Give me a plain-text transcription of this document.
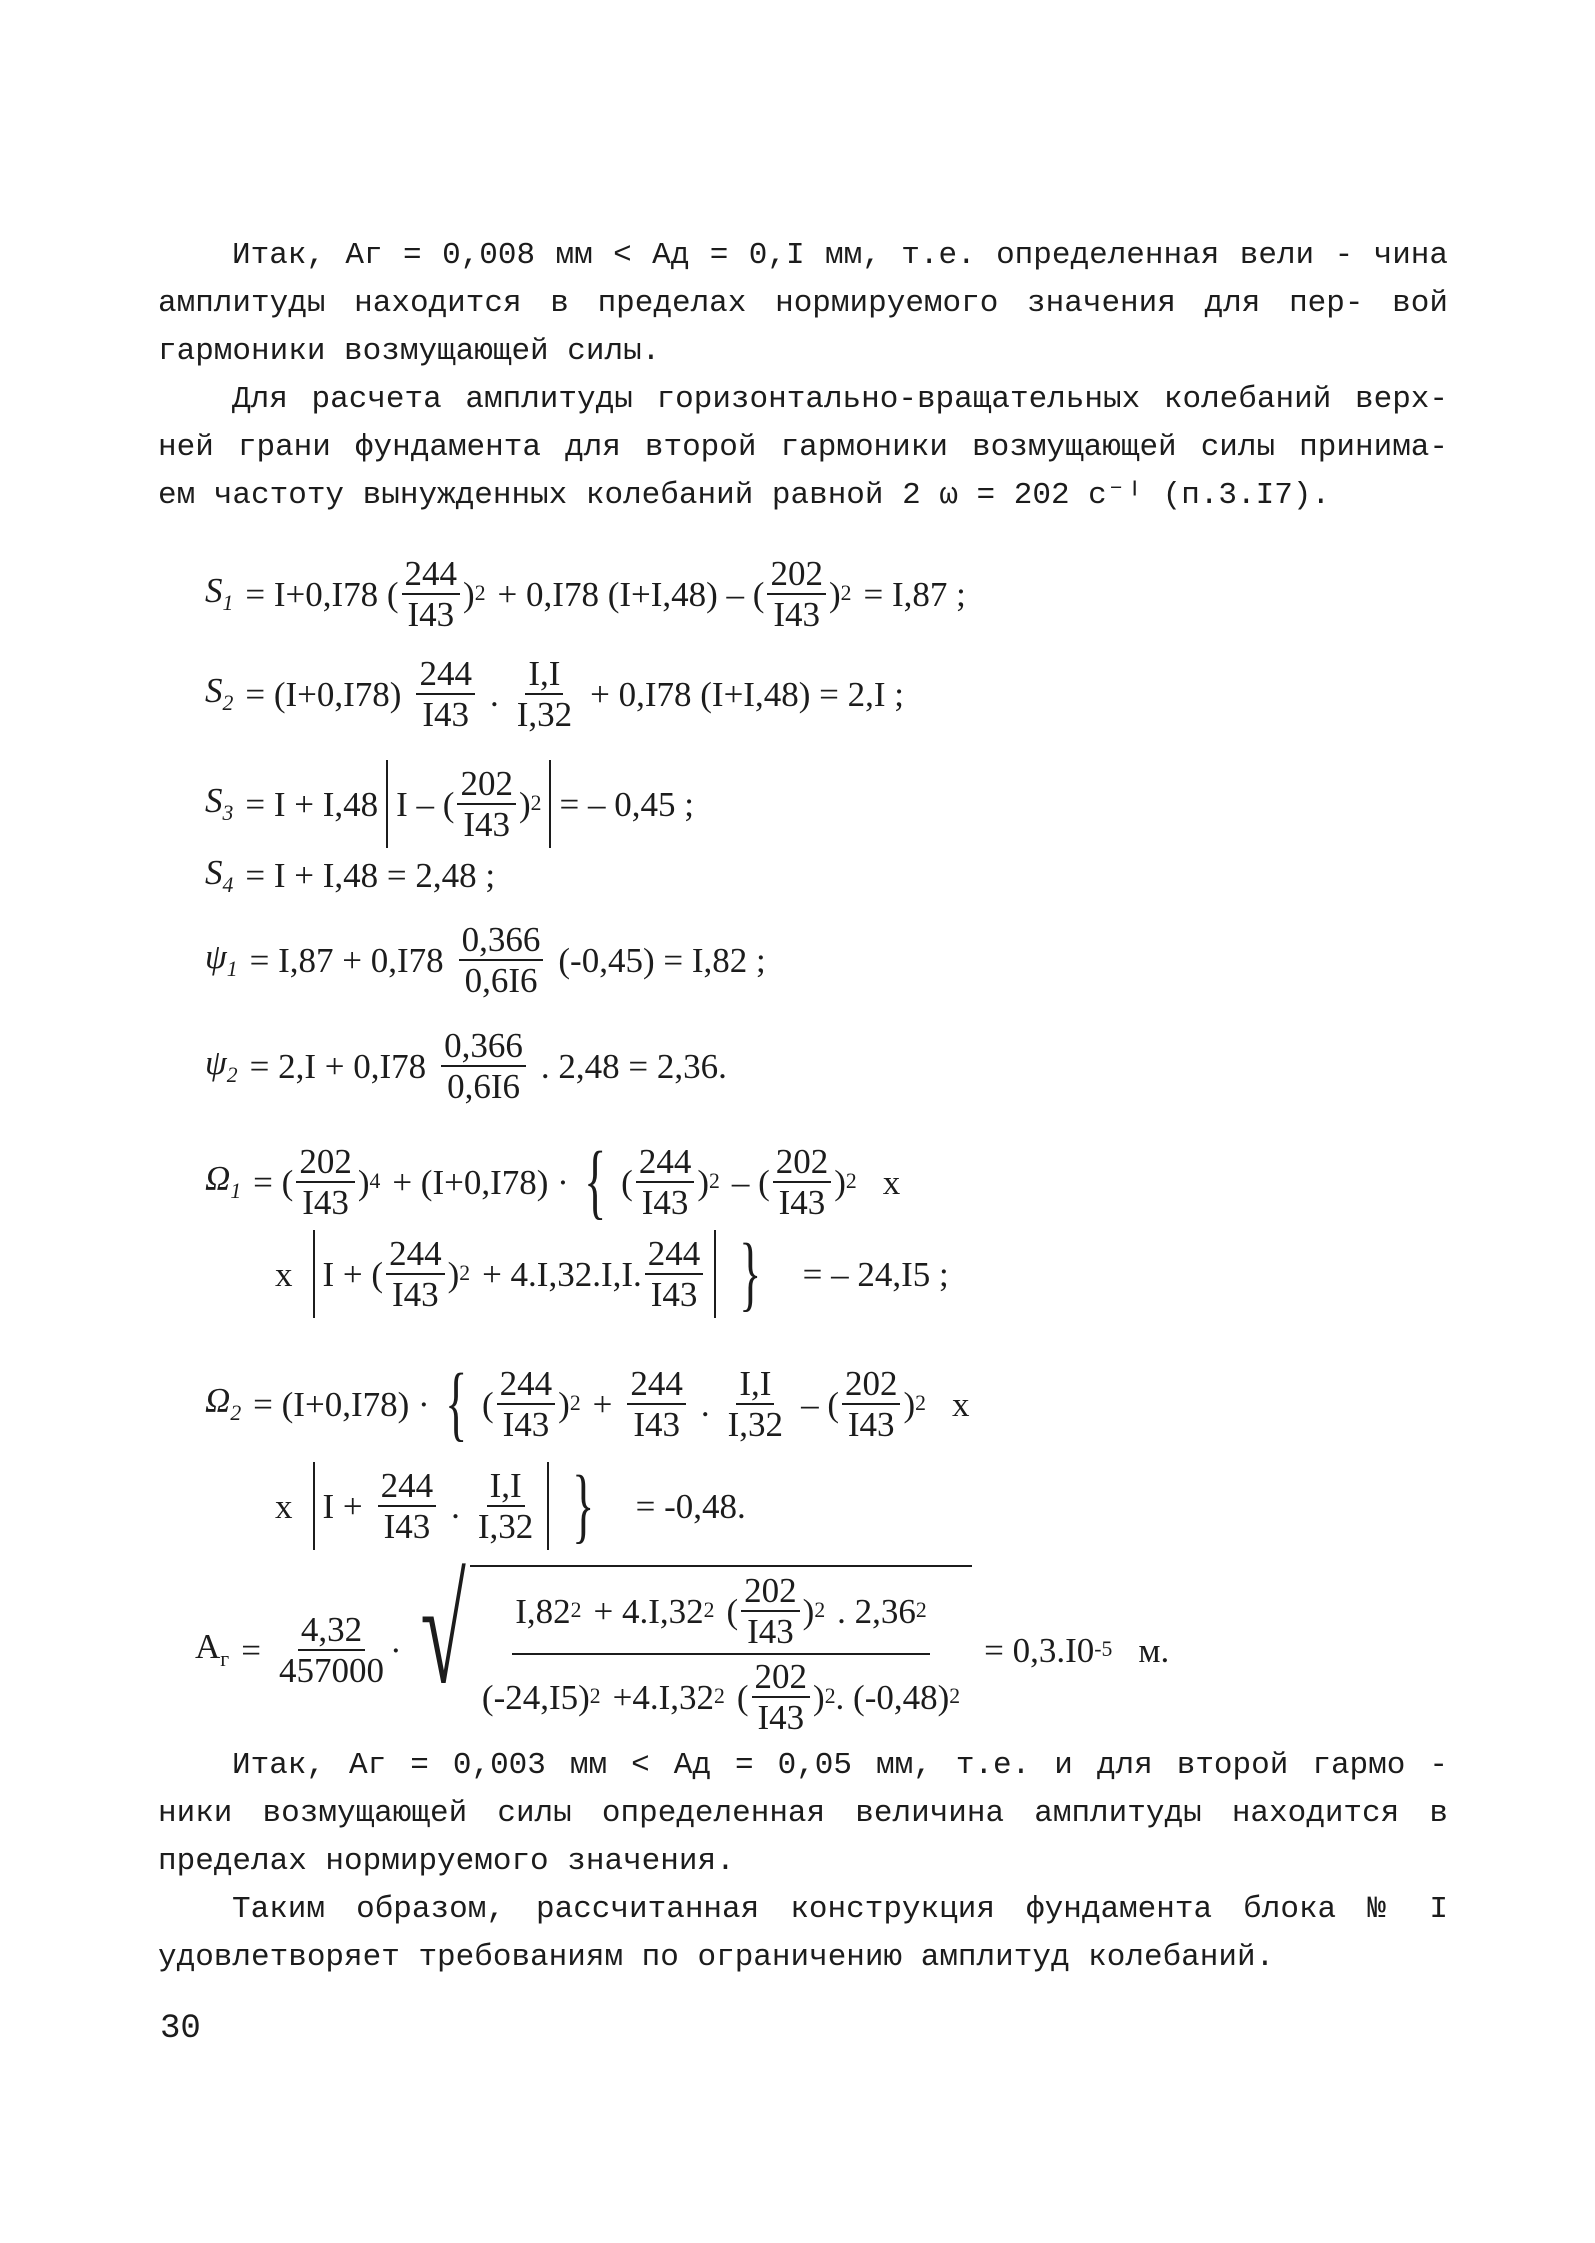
Итак, Аг = 0,008 мм < Ад = 0,I мм, т.е. определенная вели - чина амплитуды находится в пределах нормируемого значения для пер- вой гармоники возмущающей силы.

Для расчета амплитуды горизонтально-вращательных колебаний верх- ней грани фундамента для второй гармоники возмущающей силы принима- ем частоту вынужденных колебаний равной 2 ω = 202 с⁻ᴵ (п.3.I7).

$S_1 = I+0,I78$ ( $\frac{244}{I43}$ ) 2 + 0,I78 (I+I,48) – ( $\frac{202}{I43}$ ) 2 = I,87 ;
$S_2 = (I+0,I78) \frac{244}{I43}$ . $\frac{I,I}{I,32} + 0,I78$ (I+I,48) = 2,I ;
$S_3 = I + I,48$ I – ( $\frac{202}{I43}$ ) 2 = – 0,45 ;
$S_4 = I + I,48 = 2,48$ ;
$\psi_1 = I,87 + 0,I78 \frac{0,366}{0,6I6} (-0,45) = I,82$ ;
$\psi_2 = 2,I + 0,I78 \frac{0,366}{0,6I6}$ . 2,48 = 2,36.
$\Omega_1$ = ( $\frac{202}{I43}$ ) 4 + (I+0,I78) · { ( $\frac{244}{I43}$ ) 2 – ( $\frac{202}{I43}$ ) 2 x
x I + ( $\frac{244}{I43}$ ) 2 + 4.I,32.I,I. $\frac{244}{I43}$ } = – 24,I5 ;
$\Omega_2 = (I+0,I78)$ · { ( $\frac{244}{I43}$ ) $2 + \frac{244}{I43}$ . $\frac{I,I}{I,32}$ – ( $\frac{202}{I43}$ ) 2 x
x $I + \frac{244}{I43}$ . $\frac{I,I}{I,32}$ } = -0,48.
$А_г = \frac{4,32}{457000}$ · √ I,82 2 + 4.I,32 2 ( $\frac{202}{I43}$ ) 2 . 2,36 2
(-24,I5) 2 +4.I,32 2 ( $\frac{202}{I43}$ ) 2 . (-0,48) 2
= 0,3.I0 -5 м.

Итак, Аг = 0,003 мм < Ад = 0,05 мм, т.е. и для второй гармо - ники возмущающей силы определенная величина амплитуды находится в пределах нормируемого значения.

Таким образом, рассчитанная конструкция фундамента блока № I удовлетворяет требованиям по ограничению амплитуд колебаний.

30
